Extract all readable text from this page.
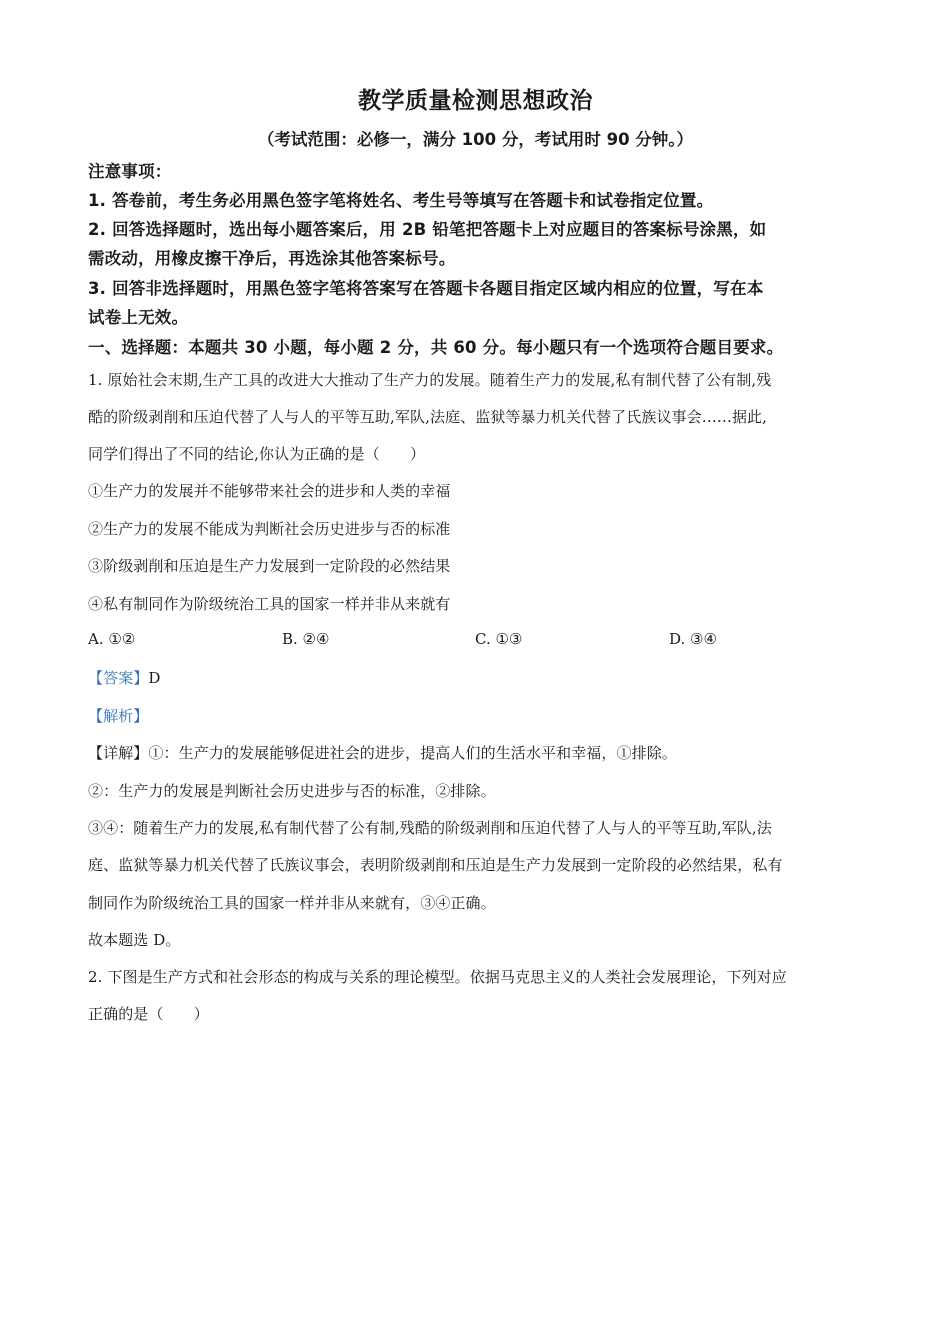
教学质量检测思想政治
（考试范围：必修一，满分 100 分，考试用时 90 分钟。）
注意事项：
1. 答卷前，考生务必用黑色签字笔将姓名、考生号等填写在答题卡和试卷指定位置。
2. 回答选择题时，选出每小题答案后，用 2B 铅笔把答题卡上对应题目的答案标号涂黑，如
需改动，用橡皮擦干净后，再选涂其他答案标号。
3. 回答非选择题时，用黑色签字笔将答案写在答题卡各题目指定区域内相应的位置，写在本
试卷上无效。
一、选择题：本题共 30 小题，每小题 2 分，共 60 分。每小题只有一个选项符合题目要求。
1. 原始社会末期,生产工具的改进大大推动了生产力的发展。随着生产力的发展,私有制代替了公有制,残
酷的阶级剥削和压迫代替了人与人的平等互助,军队,法庭、监狱等暴力机关代替了氏族议事会……据此,
同学们得出了不同的结论,你认为正确的是（　　）
①生产力的发展并不能够带来社会的进步和人类的幸福
②生产力的发展不能成为判断社会历史进步与否的标准
③阶级剥削和压迫是生产力发展到一定阶段的必然结果
④私有制同作为阶级统治工具的国家一样并非从来就有
A. ①②	B. ②④	C. ①③	D. ③④
【答案】D
【解析】
【详解】①：生产力的发展能够促进社会的进步，提高人们的生活水平和幸福，①排除。
②：生产力的发展是判断社会历史进步与否的标准，②排除。
③④：随着生产力的发展,私有制代替了公有制,残酷的阶级剥削和压迫代替了人与人的平等互助,军队,法
庭、监狱等暴力机关代替了氏族议事会，表明阶级剥削和压迫是生产力发展到一定阶段的必然结果，私有
制同作为阶级统治工具的国家一样并非从来就有，③④正确。
故本题选 D。
2. 下图是生产方式和社会形态的构成与关系的理论模型。依据马克思主义的人类社会发展理论，下列对应
正确的是（　　）
